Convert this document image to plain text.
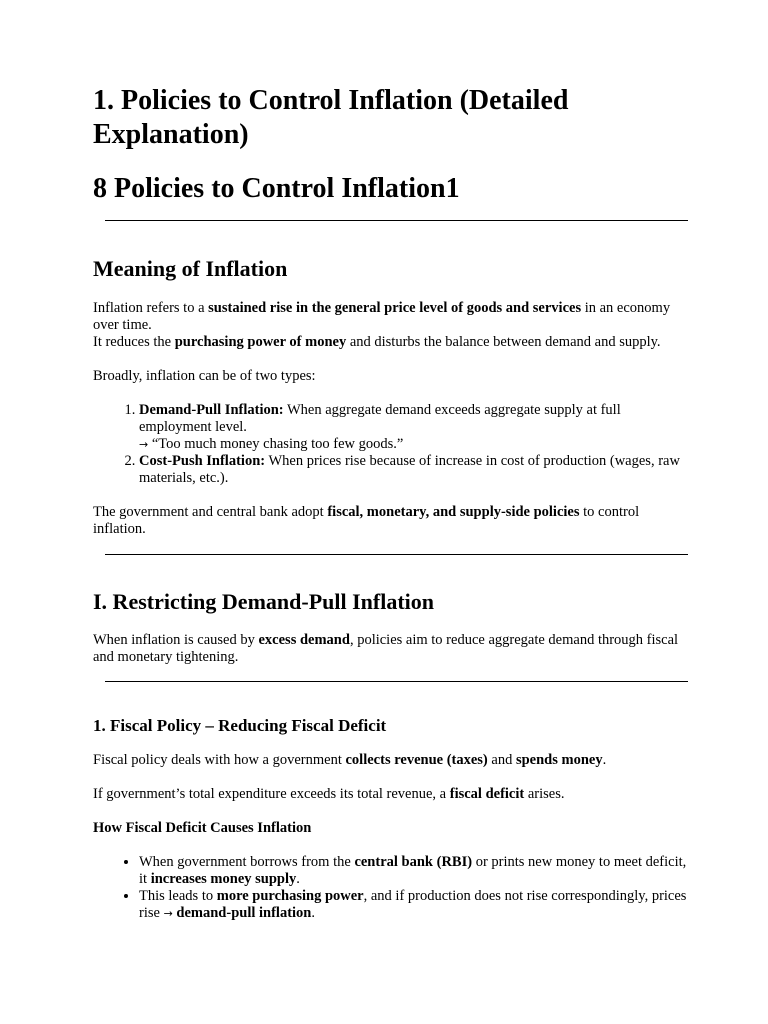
1. Policies to Control Inflation (Detailed Explanation)
8 Policies to Control Inflation1
Meaning of Inflation

Inflation refers to a sustained rise in the general price level of goods and services in an economy over time.
It reduces the purchasing power of money and disturbs the balance between demand and supply.

Broadly, inflation can be of two types:

1. Demand-Pull Inflation: When aggregate demand exceeds aggregate supply at full employment level.
→ “Too much money chasing too few goods.”
2. Cost-Push Inflation: When prices rise because of increase in cost of production (wages, raw materials, etc.).

The government and central bank adopt fiscal, monetary, and supply-side policies to control inflation.

I. Restricting Demand-Pull Inflation

When inflation is caused by excess demand, policies aim to reduce aggregate demand through fiscal and monetary tightening.

1. Fiscal Policy – Reducing Fiscal Deficit

Fiscal policy deals with how a government collects revenue (taxes) and spends money.

If government’s total expenditure exceeds its total revenue, a fiscal deficit arises.

How Fiscal Deficit Causes Inflation
• When government borrows from the central bank (RBI) or prints new money to meet deficit, it increases money supply.
• This leads to more purchasing power, and if production does not rise correspondingly, prices rise → demand-pull inflation.
